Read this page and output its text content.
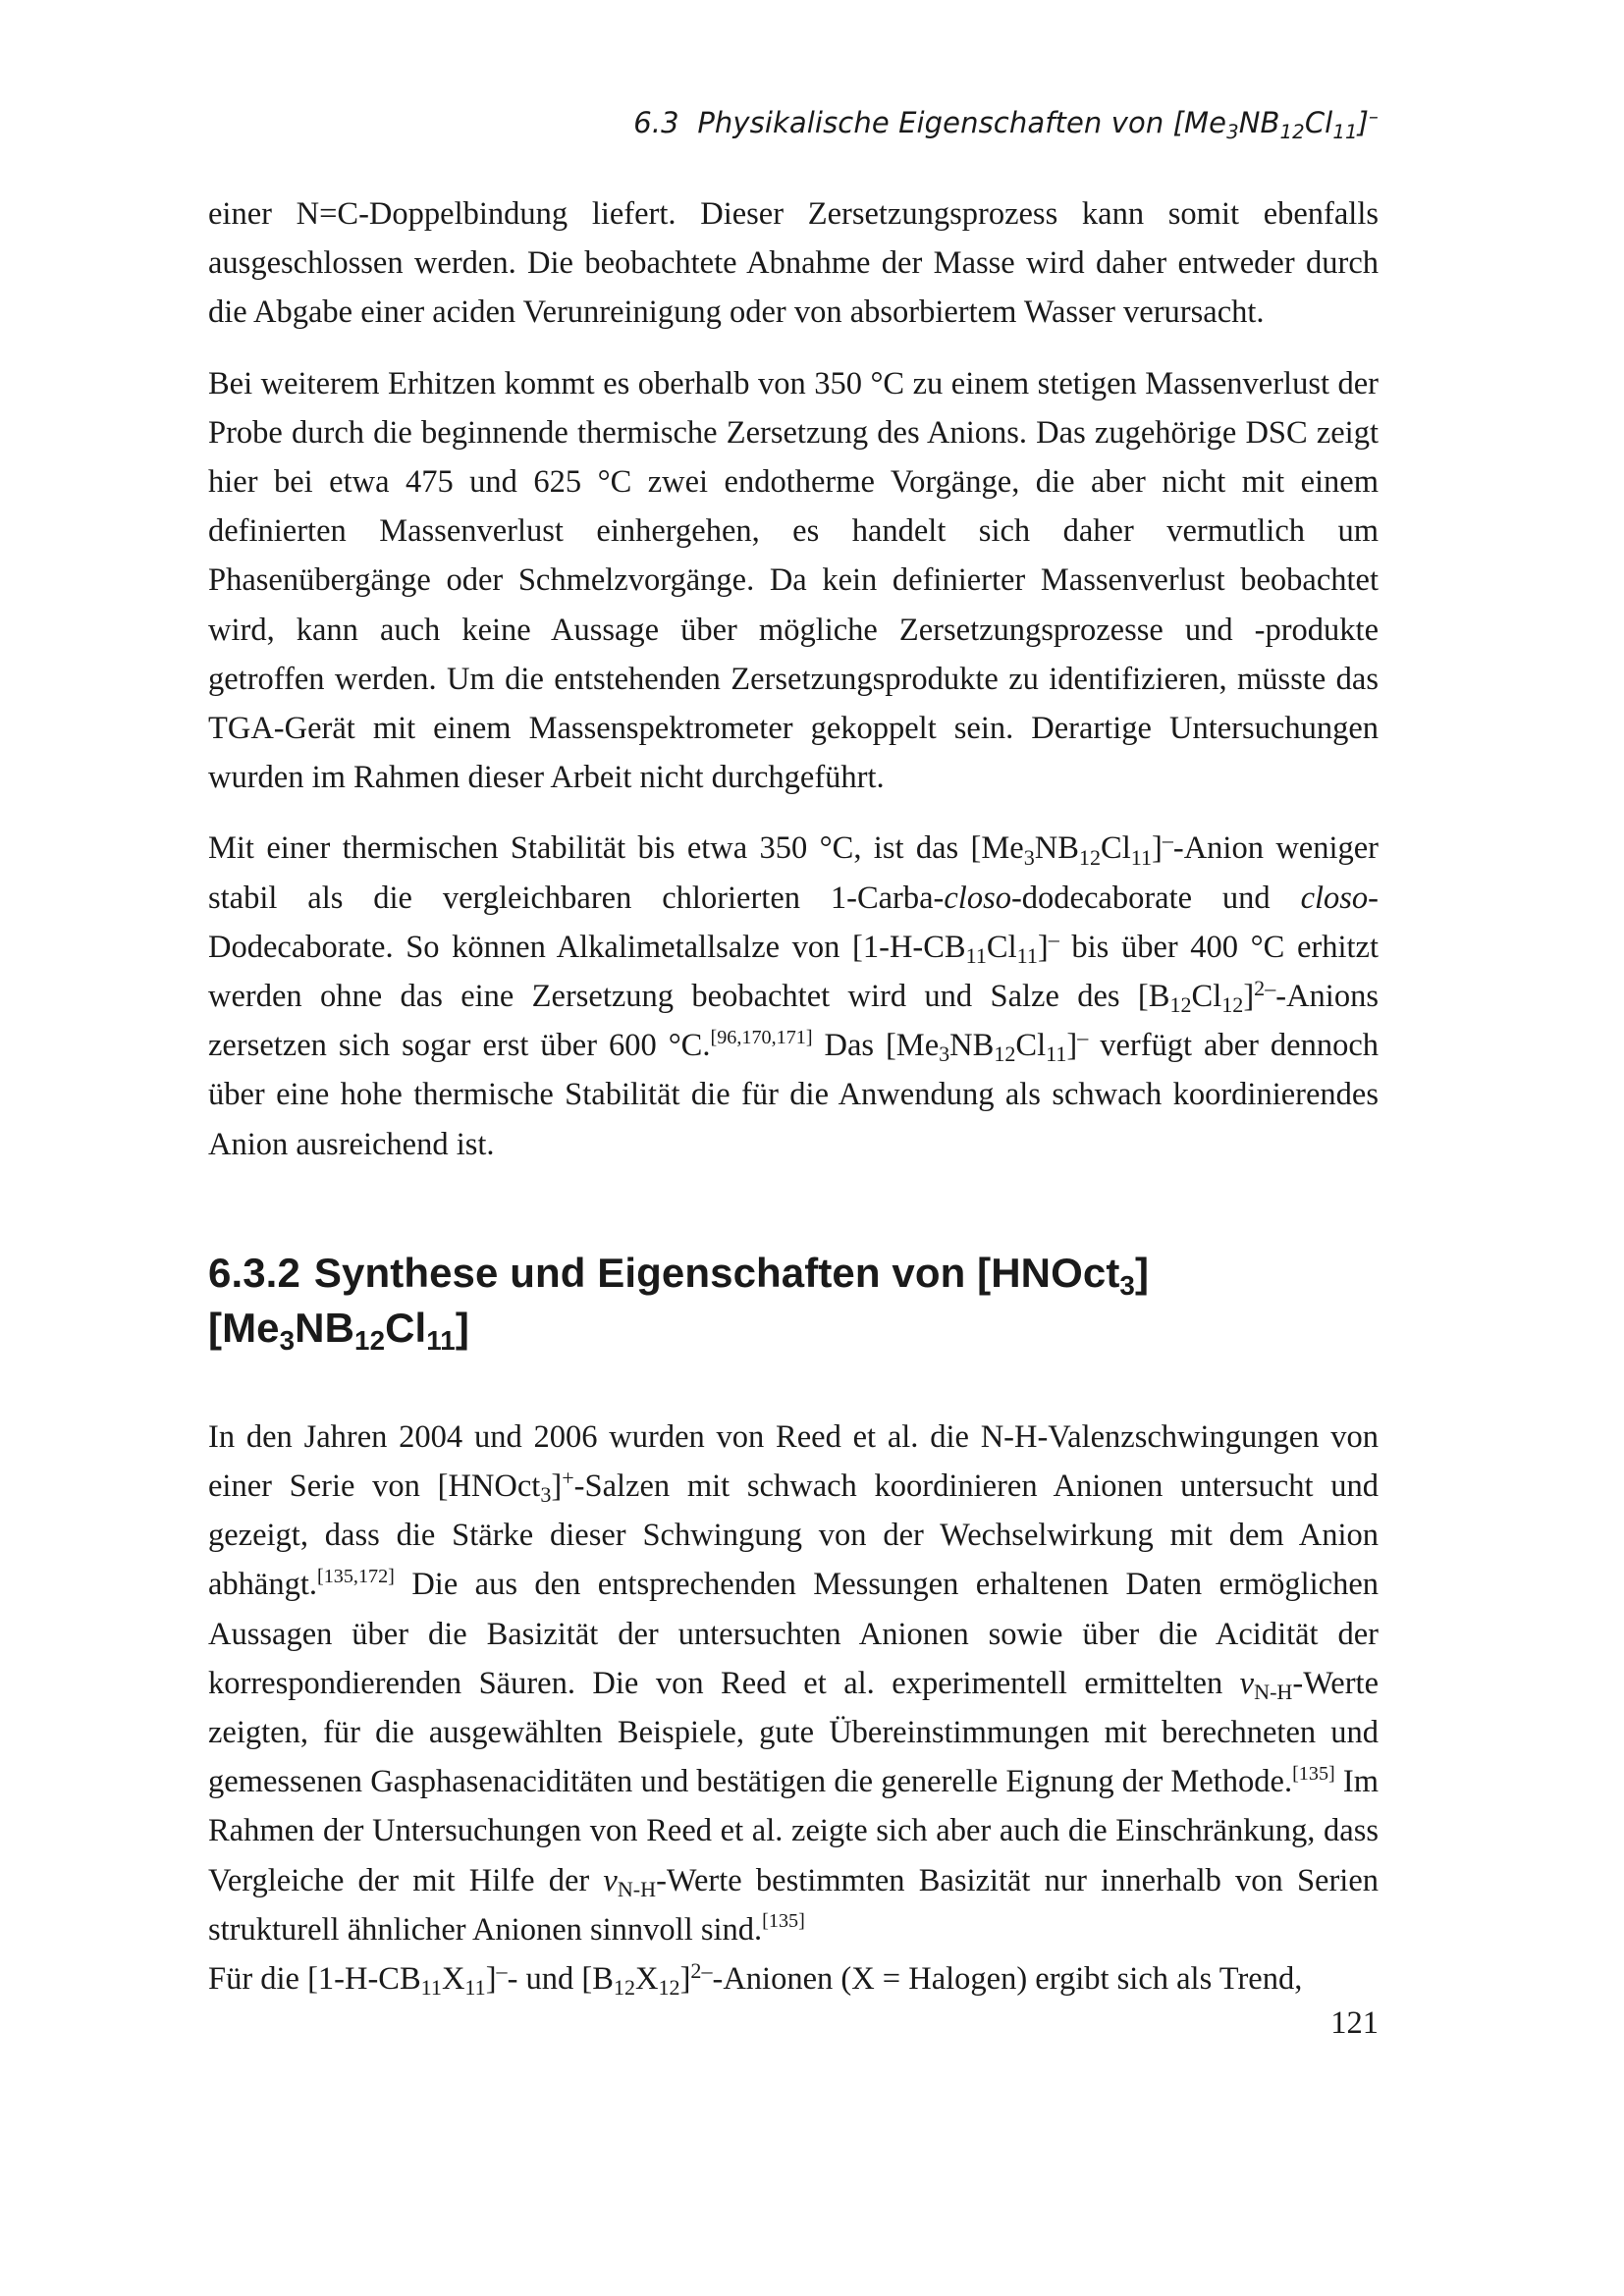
6.3 Physikalische Eigenschaften von $[Me_3NB_{12}Cl_{11}]^-$

einer N=C-Doppelbindung liefert. Dieser Zersetzungsprozess kann somit ebenfalls ausgeschlossen werden. Die beobachtete Abnahme der Masse wird daher entweder durch die Abgabe einer aciden Verunreinigung oder von absorbiertem Wasser verursacht.

Bei weiterem Erhitzen kommt es oberhalb von 350 °C zu einem stetigen Massenverlust der Probe durch die beginnende thermische Zersetzung des Anions. Das zugehörige DSC zeigt hier bei etwa 475 und 625 °C zwei endotherme Vorgänge, die aber nicht mit einem definierten Massenverlust einhergehen, es handelt sich daher vermutlich um Phasenübergänge oder Schmelzvorgänge. Da kein definierter Massenverlust beobachtet wird, kann auch keine Aussage über mögliche Zersetzungsprozesse und -produkte getroffen werden. Um die entstehenden Zersetzungsprodukte zu identifizieren, müsste das TGA-Gerät mit einem Massenspektrometer gekoppelt sein. Derartige Untersuchungen wurden im Rahmen dieser Arbeit nicht durchgeführt.

Mit einer thermischen Stabilität bis etwa 350 °C, ist das $[Me_3NB_{12}Cl_{11}]^-$-Anion weniger stabil als die vergleichbaren chlorierten 1-Carba-closo-dodecaborate und closo-Dodecaborate. So können Alkalimetallsalze von $[1-H-CB_{11}Cl_{11}]^-$ bis über 400 °C erhitzt werden ohne das eine Zersetzung beobachtet wird und Salze des $[B_{12}Cl_{12}]^{2-}$-Anions zersetzen sich sogar erst über 600 °C.[96,170,171] Das $[Me_3NB_{12}Cl_{11}]^-$ verfügt aber dennoch über eine hohe thermische Stabilität die für die Anwendung als schwach koordinierendes Anion ausreichend ist.

6.3.2 Synthese und Eigenschaften von $[HNOct_3][Me_3NB_{12}Cl_{11}]$

In den Jahren 2004 und 2006 wurden von Reed et al. die N-H-Valenzschwingungen von einer Serie von [HNOct$_3$]+-Salzen mit schwach koordinieren Anionen untersucht und gezeigt, dass die Stärke dieser Schwingung von der Wechselwirkung mit dem Anion abhängt.[135,172] Die aus den entsprechenden Messungen erhaltenen Daten ermöglichen Aussagen über die Basizität der untersuchten Anionen sowie über die Acidität der korrespondierenden Säuren. Die von Reed et al. experimentell ermittelten $\nu_{N-H}$-Werte zeigten, für die ausgewählten Beispiele, gute Übereinstimmungen mit berechneten und gemessenen Gasphasenaciditäten und bestätigen die generelle Eignung der Methode.[135] Im Rahmen der Untersuchungen von Reed et al. zeigte sich aber auch die Einschränkung, dass Vergleiche der mit Hilfe der $\nu_{N-H}$-Werte bestimmten Basizität nur innerhalb von Serien strukturell ähnlicher Anionen sinnvoll sind.[135]

Für die $[1-H-CB_{11}X_{11}]^--$ und $[B_{12}X_{12}]^{2-}$-Anionen (X = Halogen) ergibt sich als Trend,

121
